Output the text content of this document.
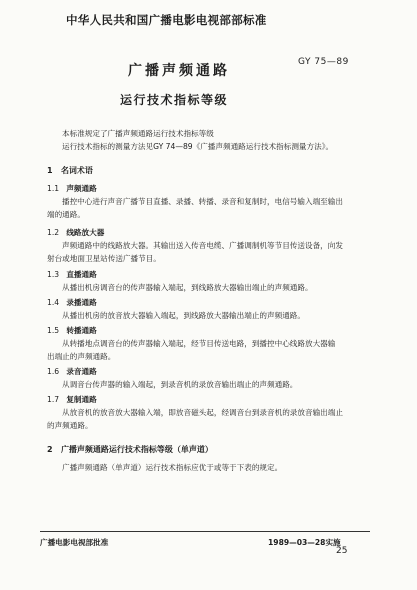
中华人民共和国广播电影电视部部标准
广播声频通路
GY 75—89
运行技术指标等级
本标准规定了广播声频通路运行技术指标等级
运行技术指标的测量方法见GY 74—89《广播声频通路运行技术指标测量方法》。
1 名词术语
1.1 声频通路
播控中心进行声音广播节目直播、录播、转播、录音和复制时，电信号输入端至输出
端的通路。
1.2 线路放大器
声频通路中的线路放大器。其输出送入传音电缆、广播调制机等节目传送设备，向发
射台或地面卫星站传送广播节目。
1.3 直播通路
从播出机房调音台的传声器输入端起，到线路放大器输出端止的声频通路。
1.4 录播通路
从播出机房的放音放大器输入端起，到线路放大器输出端止的声频通路。
1.5 转播通路
从转播地点调音台的传声器输入端起，经节目传送电路，到播控中心线路放大器输
出端止的声频通路。
1.6 录音通路
从调音台传声器的输入端起，到录音机的录放音输出端止的声频通路。
1.7 复制通路
从放音机的放音放大器输入端，即放音磁头起，经调音台到录音机的录放音输出端止
的声频通路。
2 广播声频通路运行技术指标等级（单声道）
广播声频通路（单声道）运行技术指标应优于或等于下表的规定。
广播电影电视部批准	1989—03—28实施
25
